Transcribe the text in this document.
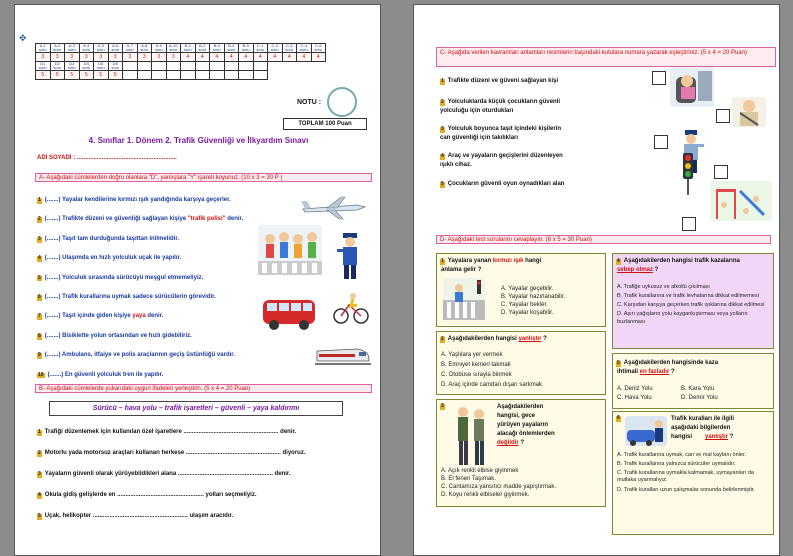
✥
A-1 soru	A-2 soru	A-3 soru	A-4 soru	A-5 soru	A-6 soru	A-7 soru	A-8 soru	A-9 soru	A-10 soru	B-1 soru	B-2 soru	B-3 soru	B-4 soru	B-5 soru	C-1 soru	C-2 soru	C-3 soru	C-4 soru	C-5 soru
3	3	3	3	3	3	3	3	3	3	4	4	4	4	4	4	4	4	4	4
D1 soru	D2 soru	D3 soru	D4 soru	D5 soru	D6 soru														
5	5	5	5	5	5														
NOTU :
TOPLAM 100 Puan
4. Sınıflar 1. Dönem 2. Trafik Güvenliği ve İlkyardım Sınavı
ADI SOYADI : ............................................................
A- Aşağıdaki cümlelerden doğru olanlara "D", yanlışlara "Y" işareti koyunuz. (10 x 3 = 30 P )
1 (.......) Yayalar kendilerine kırmızı ışık yandığında karşıya geçerler.
2 (.......) Trafikte düzeni ve güvenliği sağlayan kişiye "trafik polisi" denir.
3 (.......) Taşıt tam durduğunda taşıttan inilmelidir.
4 (.......) Ulaşımda en hızlı yolculuk uçak ile yapılır.
5 (.......) Yolculuk sırasında sürücüyü meşgul etmemeliyiz.
6 (.......) Trafik kurallarına uymak sadece sürücülerin görevidir.
7 (.......) Taşıt içinde giden kişiye yaya denir.
8 (.......) Bisiklette yolun ortasından ve hızlı gidebiliriz.
9 (.......) Ambulans, itfaiye ve polis araçlarının geçiş üstünlüğü vardır.
10 (.......) En güvenli yolculuk tren ile yapılır.
B- Aşağıdaki cümlelerde yukarıdaki uygun ifadeleri yerleştirin. (5 x 4 = 20 Puan)
Sürücü – hava yolu – trafik işaretleri – güvenli – yaya kaldırımı
1 Trafiği düzenlemek için kullanılan özel işaretlere ......................................................... denir.
2 Motorlu yada motorsuz araçları kullanan herkese ......................................................... diyoruz.
3 Yayaların güvenli olarak yürüyebildikleri alana ......................................................... denir.
4 Okula gidiş gelişlerde en .................................................... yolları seçmeliyiz.
5 Uçak, helikopter ......................................................... ulaşım aracıdır.
C- Aşağıda verilen kavramları anlamları resimlerin başındaki kutulara numara yazarak eşleştiriniz. (5 x 4 = 20 Puan)
1 Trafikte düzeni ve güveni sağlayan kişi
2 Yolculuklarda küçük çocukların güvenli
yolculuğu için oturdukları
3 Yolculuk boyunca taşıt içindeki kişilerin
can güvenliği için takılıkları
4 Araç ve yayaların geçişlerini düzenleyen
ışıklı cihaz.
5 Çocukların güvenli oyun oynadıkları alan
D- Aşağıdaki test sorularını cevaplayın. (6 x 5 = 30 Puan)
1 Yayalara yanan kırmızı ışık hangi
anlama gelir ?
A. Yayalar geçebilir.
B. Yayalar hazırlanabilir.
C. Yayalar bekler.
D. Yayalar koşabilir.
4 Aşağıdakilerden hangisi trafik kazalarına
sebep olmaz ?
A. Trafiğe uykusuz ve alkollü çıkılması
B. Trafik kurallarına ve trafik levhalarına dikkat edilmemesi
C. Karşıdan karşıya geçerken trafik ışıklarına dikkat edilmesi
D. Aşırı yağışların yolu kaygankıştırması veya yolların buzlanması
2 Aşağıdakilerden hangisi yanlıştır ?
A. Yaşlılara yer vermek
B. Emniyet kemeri takmak
C. Otobüse sırayla binmek
D. Araç içinde camdan dışarı sarkmak
5 Aşağıdakilerden hangisinde kaza
ihtimali en fazladır ?
A. Deniz Yolu	B. Kara Yolu
C. Hava Yolu	D. Demir Yolu
3	Aşağıdakilerden
hangisi, gece
yürüyen yayaların
alacağı önlemlerden
değildir ?
A. Açık renkli elbise giyinmek
B. El feneri Taşımak.
C. Cantamıza yansıtıcı madde yapıştırmak.
D. Koyu renkli elbiseler giyinmek.
6	Trafik kuralları ile ilgili
aşağıdaki bilgilerden
hangisi yanlıştır ?
A. Trafik kurallarına uymak, can ve mal kaybını önler.
B. Trafik kurallarına yalnızca sürücüler uymalıdır.
C. Trafik kurallarına uymakla kalmamak, uymayanları da mutlaka uyarmalıyız.
D. Trafik kuralları uzun çalışmalar sonunda belirlenmiştir.
